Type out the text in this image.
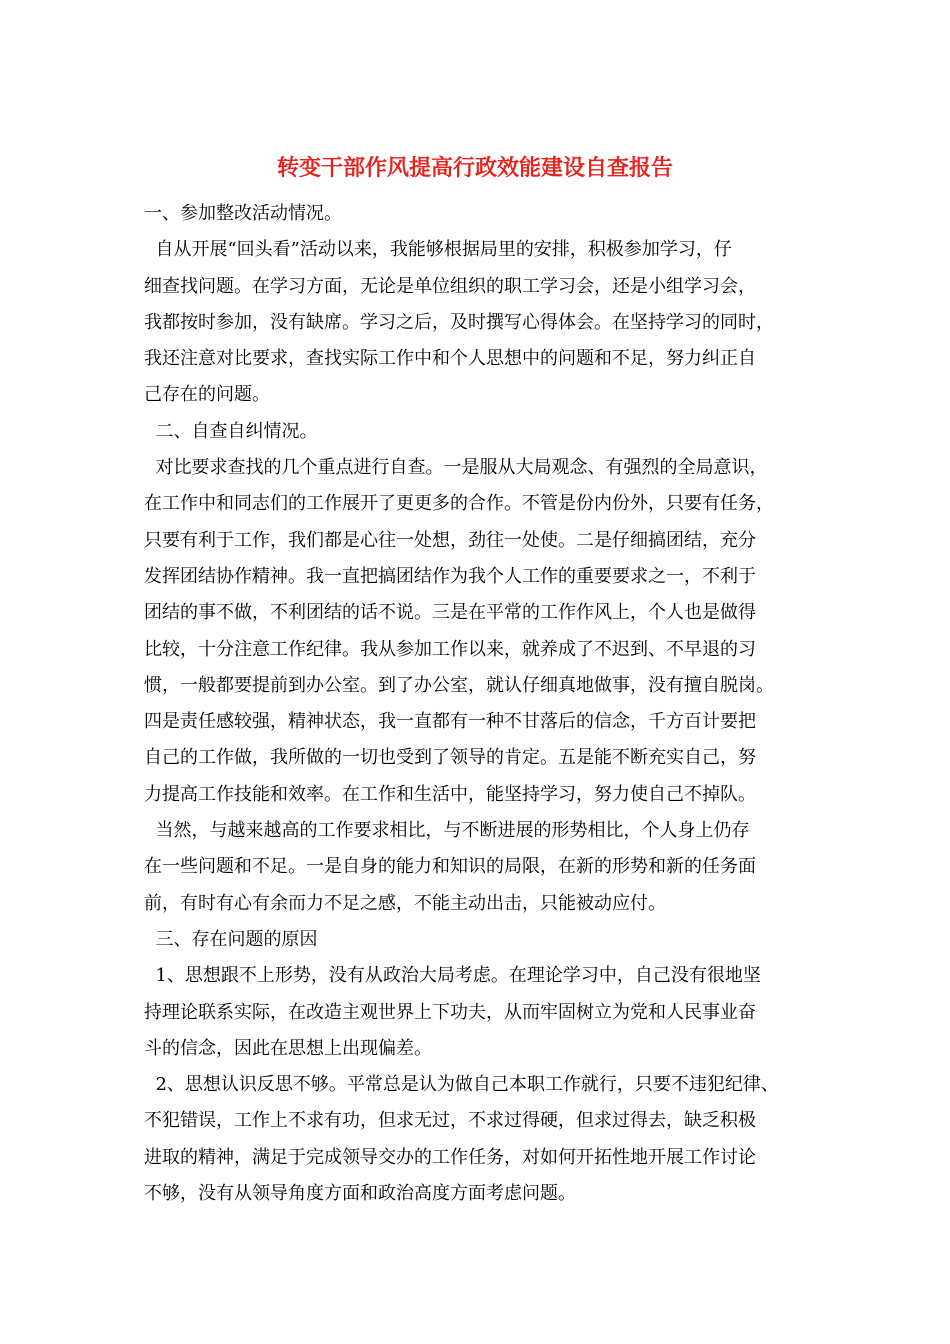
转变干部作风提高行政效能建设自查报告
一、参加整改活动情况。
自从开展“回头看”活动以来，我能够根据局里的安排，积极参加学习，仔
细查找问题。在学习方面，无论是单位组织的职工学习会，还是小组学习会，
我都按时参加，没有缺席。学习之后，及时撰写心得体会。在坚持学习的同时，
我还注意对比要求，查找实际工作中和个人思想中的问题和不足，努力纠正自
己存在的问题。
二、自查自纠情况。
对比要求查找的几个重点进行自查。一是服从大局观念、有强烈的全局意识，
在工作中和同志们的工作展开了更更多的合作。不管是份内份外，只要有任务，
只要有利于工作，我们都是心往一处想，劲往一处使。二是仔细搞团结，充分
发挥团结协作精神。我一直把搞团结作为我个人工作的重要要求之一，不利于
团结的事不做，不利团结的话不说。三是在平常的工作作风上，个人也是做得
比较，十分注意工作纪律。我从参加工作以来，就养成了不迟到、不早退的习
惯，一般都要提前到办公室。到了办公室，就认仔细真地做事，没有擅自脱岗。
四是责任感较强，精神状态，我一直都有一种不甘落后的信念，千方百计要把
自己的工作做，我所做的一切也受到了领导的肯定。五是能不断充实自己，努
力提高工作技能和效率。在工作和生活中，能坚持学习，努力使自己不掉队。
当然，与越来越高的工作要求相比，与不断进展的形势相比，个人身上仍存
在一些问题和不足。一是自身的能力和知识的局限，在新的形势和新的任务面
前，有时有心有余而力不足之感，不能主动出击，只能被动应付。
三、存在问题的原因
1、思想跟不上形势，没有从政治大局考虑。在理论学习中，自己没有很地坚
持理论联系实际，在改造主观世界上下功夫，从而牢固树立为党和人民事业奋
斗的信念，因此在思想上出现偏差。
2、思想认识反思不够。平常总是认为做自己本职工作就行，只要不违犯纪律、
不犯错误，工作上不求有功，但求无过，不求过得硬，但求过得去，缺乏积极
进取的精神，满足于完成领导交办的工作任务，对如何开拓性地开展工作讨论
不够，没有从领导角度方面和政治高度方面考虑问题。
